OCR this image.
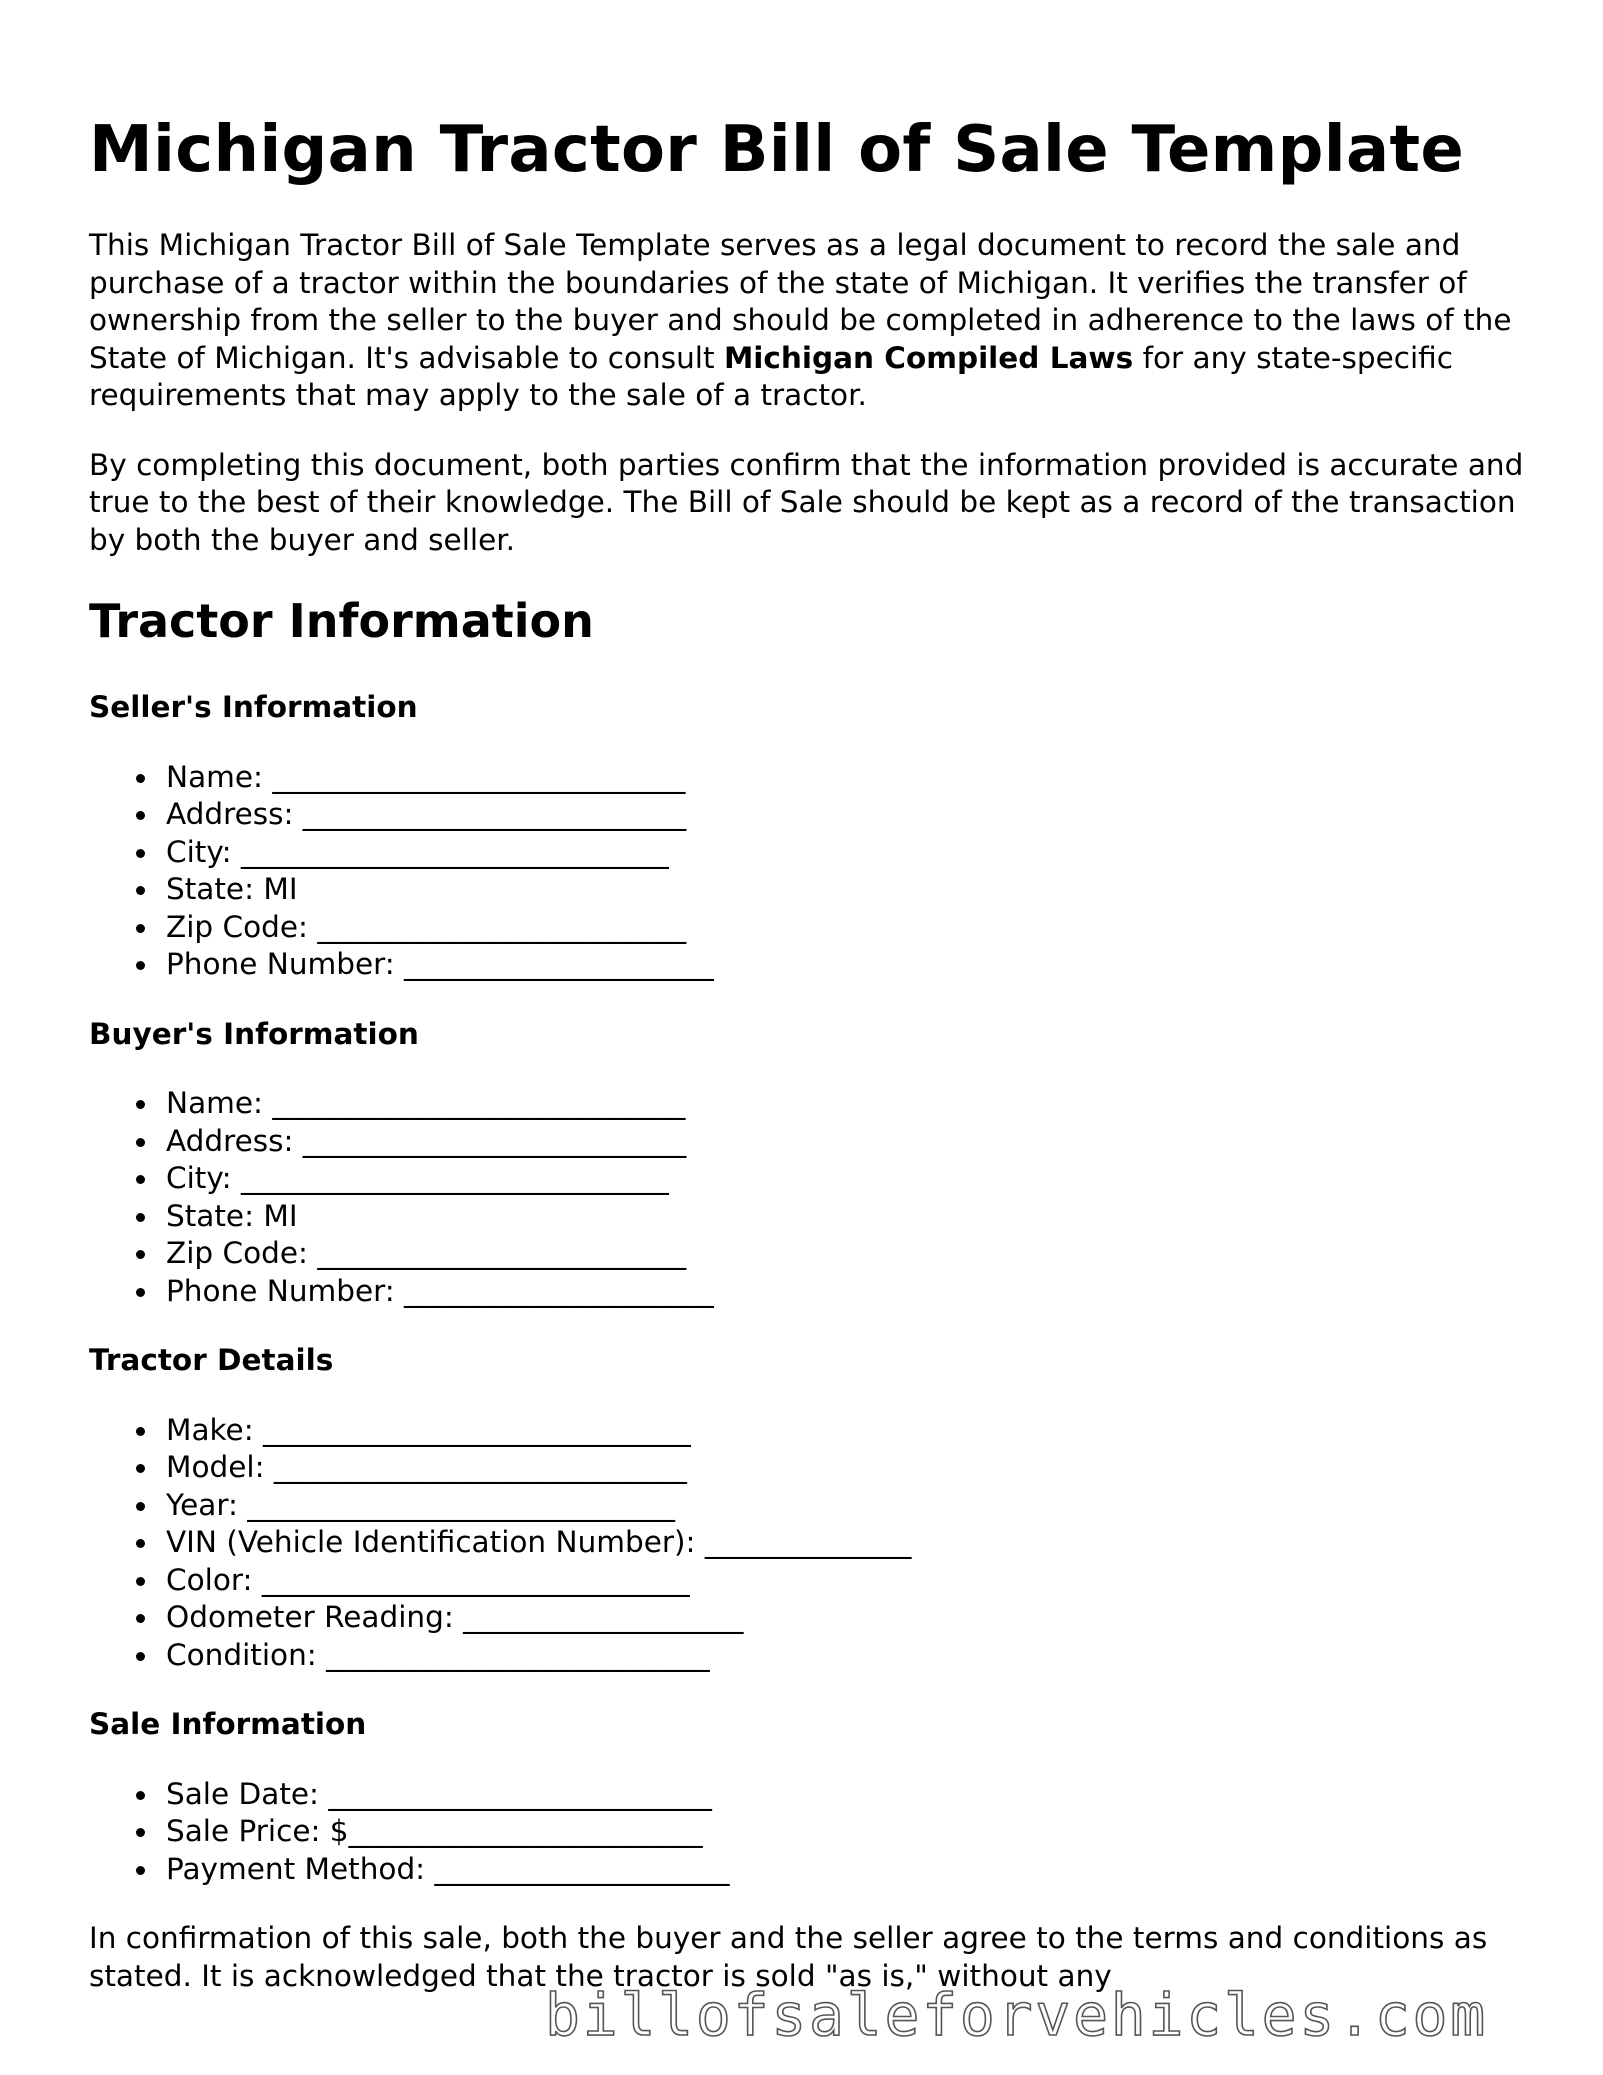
Michigan Tractor Bill of Sale Template

This Michigan Tractor Bill of Sale Template serves as a legal document to record the sale and purchase of a tractor within the boundaries of the state of Michigan. It verifies the transfer of ownership from the seller to the buyer and should be completed in adherence to the laws of the State of Michigan. It's advisable to consult Michigan Compiled Laws for any state-specific requirements that may apply to the sale of a tractor.

By completing this document, both parties confirm that the information provided is accurate and true to the best of their knowledge. The Bill of Sale should be kept as a record of the transaction by both the buyer and seller.

Tractor Information
Seller's Information
Name: ____________________________
Address: __________________________
City: _____________________________
State: MI
Zip Code: _________________________
Phone Number: _____________________
Buyer's Information
Name: ____________________________
Address: __________________________
City: _____________________________
State: MI
Zip Code: _________________________
Phone Number: _____________________
Tractor Details
Make: _____________________________
Model: ____________________________
Year: _____________________________
VIN (Vehicle Identification Number): ______________
Color: _____________________________
Odometer Reading: ___________________
Condition: __________________________
Sale Information
Sale Date: __________________________
Sale Price: $________________________
Payment Method: ____________________

In confirmation of this sale, both the buyer and the seller agree to the terms and conditions as stated. It is acknowledged that the tractor is sold "as is," without any

billofsaleforvehicles.com
